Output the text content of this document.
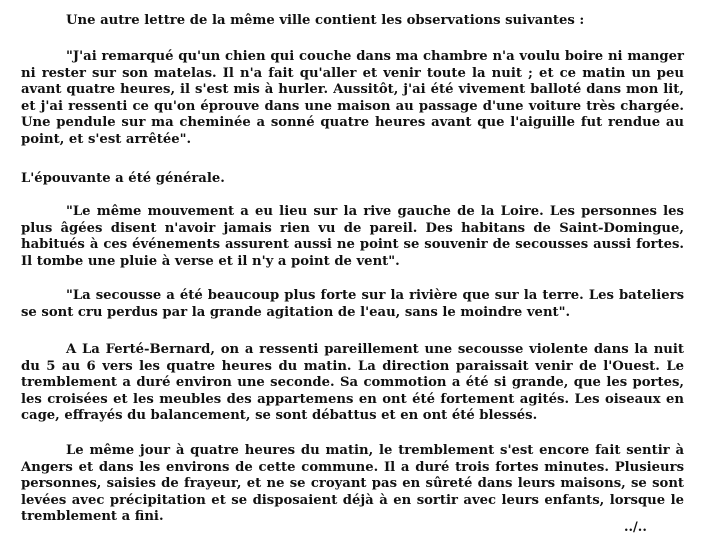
Une autre lettre de la même ville contient les observations suivantes :

"J'ai remarqué qu'un chien qui couche dans ma chambre n'a voulu boire ni manger ni rester sur son matelas. Il n'a fait qu'aller et venir toute la nuit ; et ce matin un peu avant quatre heures, il s'est mis à hurler. Aussitôt, j'ai été vivement balloté dans mon lit, et j'ai ressenti ce qu'on éprouve dans une maison au passage d'une voiture très chargée. Une pendule sur ma cheminée a sonné quatre heures avant que l'aiguille fut rendue au point, et s'est arrêtée".

L'épouvante a été générale.

"Le même mouvement a eu lieu sur la rive gauche de la Loire. Les personnes les plus âgées disent n'avoir jamais rien vu de pareil. Des habitans de Saint-Domingue, habitués à ces événements assurent aussi ne point se souvenir de secousses aussi fortes. Il tombe une pluie à verse et il n'y a point de vent".

"La secousse a été beaucoup plus forte sur la rivière que sur la terre. Les bateliers se sont cru perdus par la grande agitation de l'eau, sans le moindre vent".

A La Ferté-Bernard, on a ressenti pareillement une secousse violente dans la nuit du 5 au 6 vers les quatre heures du matin. La direction paraissait venir de l'Ouest. Le tremblement a duré environ une seconde. Sa commotion a été si grande, que les portes, les croisées et les meubles des appartemens en ont été fortement agités. Les oiseaux en cage, effrayés du balancement, se sont débattus et en ont été blessés.

Le même jour à quatre heures du matin, le tremblement s'est encore fait sentir à Angers et dans les environs de cette commune. Il a duré trois fortes minutes. Plusieurs personnes, saisies de frayeur, et ne se croyant pas en sûreté dans leurs maisons, se sont levées avec précipitation et se disposaient déjà à en sortir avec leurs enfants, lorsque le tremblement a fini.

../..
